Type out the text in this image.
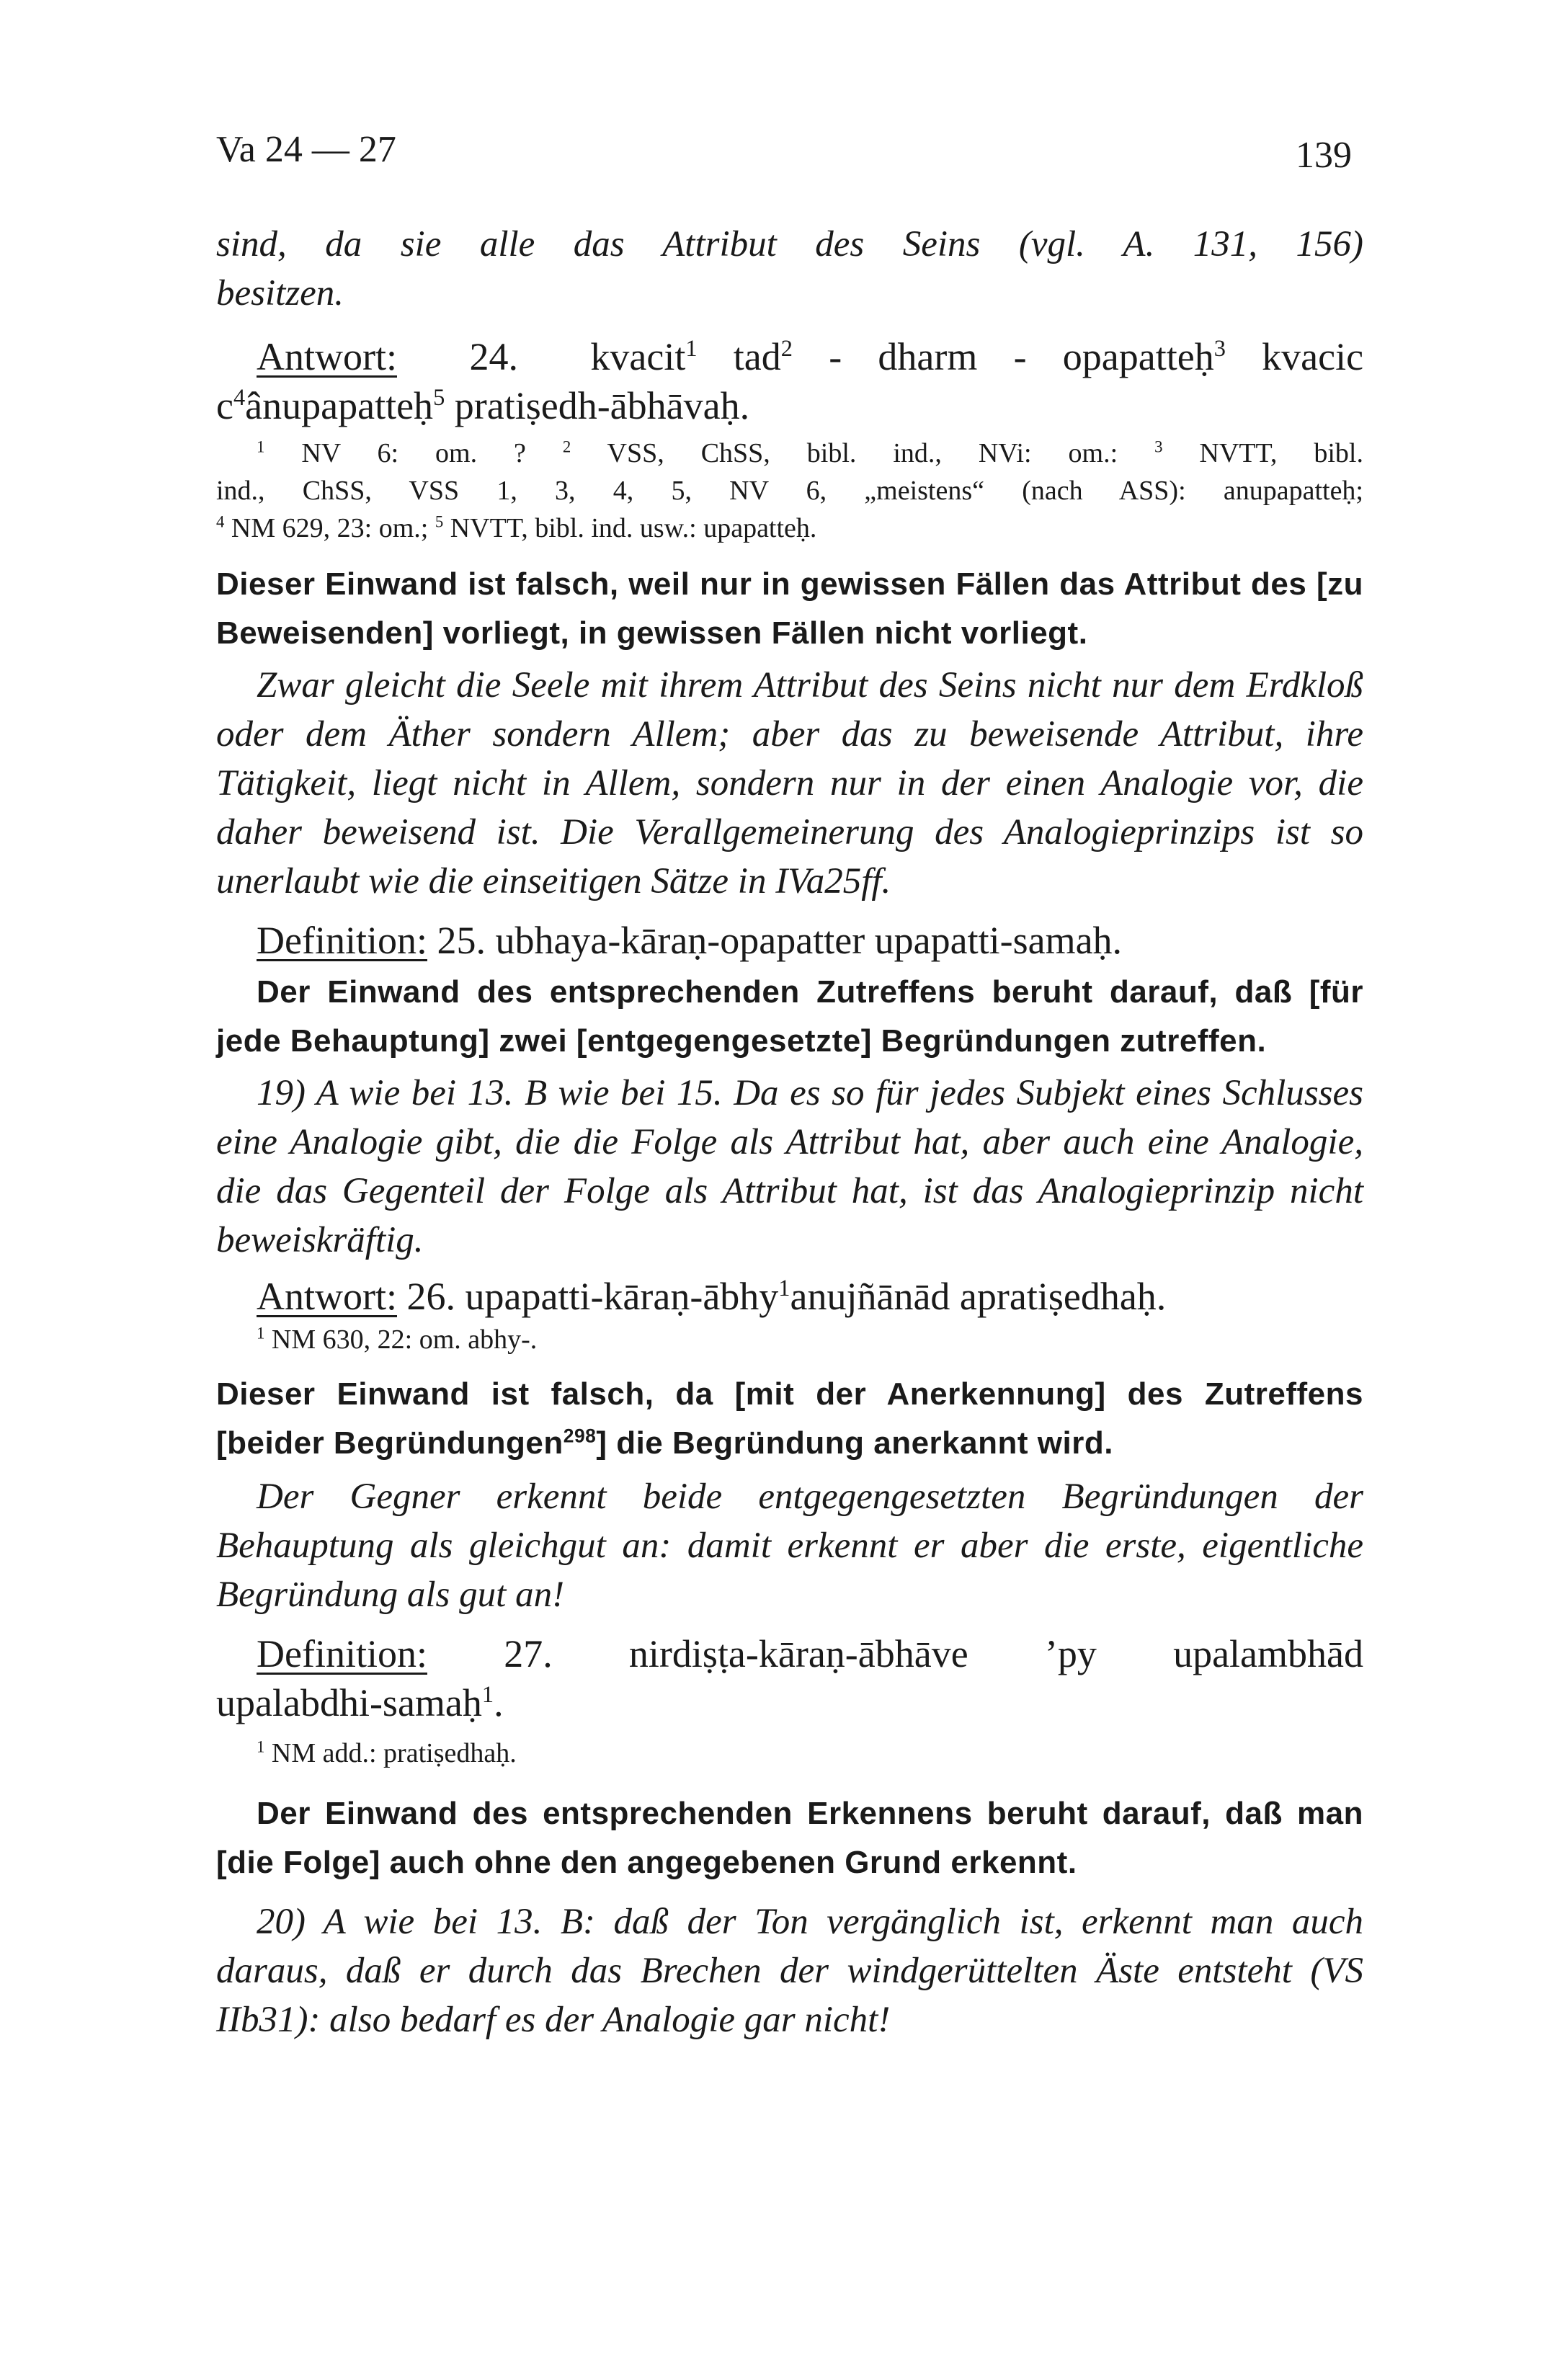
Va 24 — 27	139
sind, da sie alle das Attribut des Seins (vgl. A. 131, 156)
besitzen.
Antwort: 24. kvacit$^1$ tad$^2$ - dharm - opapatteḥ$^3$ kvacic
$c^4ânupapatteḥ^5$ pratiṣedh-ābhāvaḥ.
$^1$ NV 6: om. ? $^2$ VSS, ChSS, bibl. ind., NVi: om.: $^3$ NVTT, bibl.
ind., ChSS, VSS 1, 3, 4, 5, NV 6, „meistens“ (nach ASS): anupapatteḥ;
$^4$ NM 629, 23: om.; $^5$ NVTT, bibl. ind. usw.: upapatteḥ.
Dieser Einwand ist falsch, weil nur in gewissen Fällen das Attribut des [zu Beweisenden] vorliegt, in gewissen Fällen nicht vorliegt.
Zwar gleicht die Seele mit ihrem Attribut des Seins nicht nur dem Erdkloß oder dem Äther sondern Allem; aber das zu beweisende Attribut, ihre Tätigkeit, liegt nicht in Allem, sondern nur in der einen Analogie vor, die daher beweisend ist. Die Verallgemeinerung des Analogieprinzips ist so unerlaubt wie die einseitigen Sätze in IVa25ff.
Definition: 25. ubhaya-kāraṇ-opapatter upapatti-samaḥ.
Der Einwand des entsprechenden Zutreffens beruht darauf, daß [für jede Behauptung] zwei [entgegengesetzte] Begründungen zutreffen.
19) A wie bei 13. B wie bei 15. Da es so für jedes Subjekt eines Schlusses eine Analogie gibt, die die Folge als Attribut hat, aber auch eine Analogie, die das Gegenteil der Folge als Attribut hat, ist das Analogieprinzip nicht beweiskräftig.
Antwort: 26. upapatti-kāraṇ-ābhy$^1$anujñānād apratiṣedhaḥ.
$^1$ NM 630, 22: om. abhy-.
Dieser Einwand ist falsch, da [mit der Anerkennung] des Zutreffens [beider Begründungen$^{298}$] die Begründung anerkannt wird.
Der Gegner erkennt beide entgegengesetzten Begründungen der Behauptung als gleichgut an: damit erkennt er aber die erste, eigentliche Begründung als gut an!
Definition: 27. nirdiṣṭa-kāraṇ-ābhāve ’py upalambhād
upalabdhi-samaḥ$^1$.
$^1$ NM add.: pratiṣedhaḥ.
Der Einwand des entsprechenden Erkennens beruht darauf, daß man [die Folge] auch ohne den angegebenen Grund erkennt.
20) A wie bei 13. B: daß der Ton vergänglich ist, erkennt man auch daraus, daß er durch das Brechen der windgerüttelten Äste entsteht (VS IIb31): also bedarf es der Analogie gar nicht!
